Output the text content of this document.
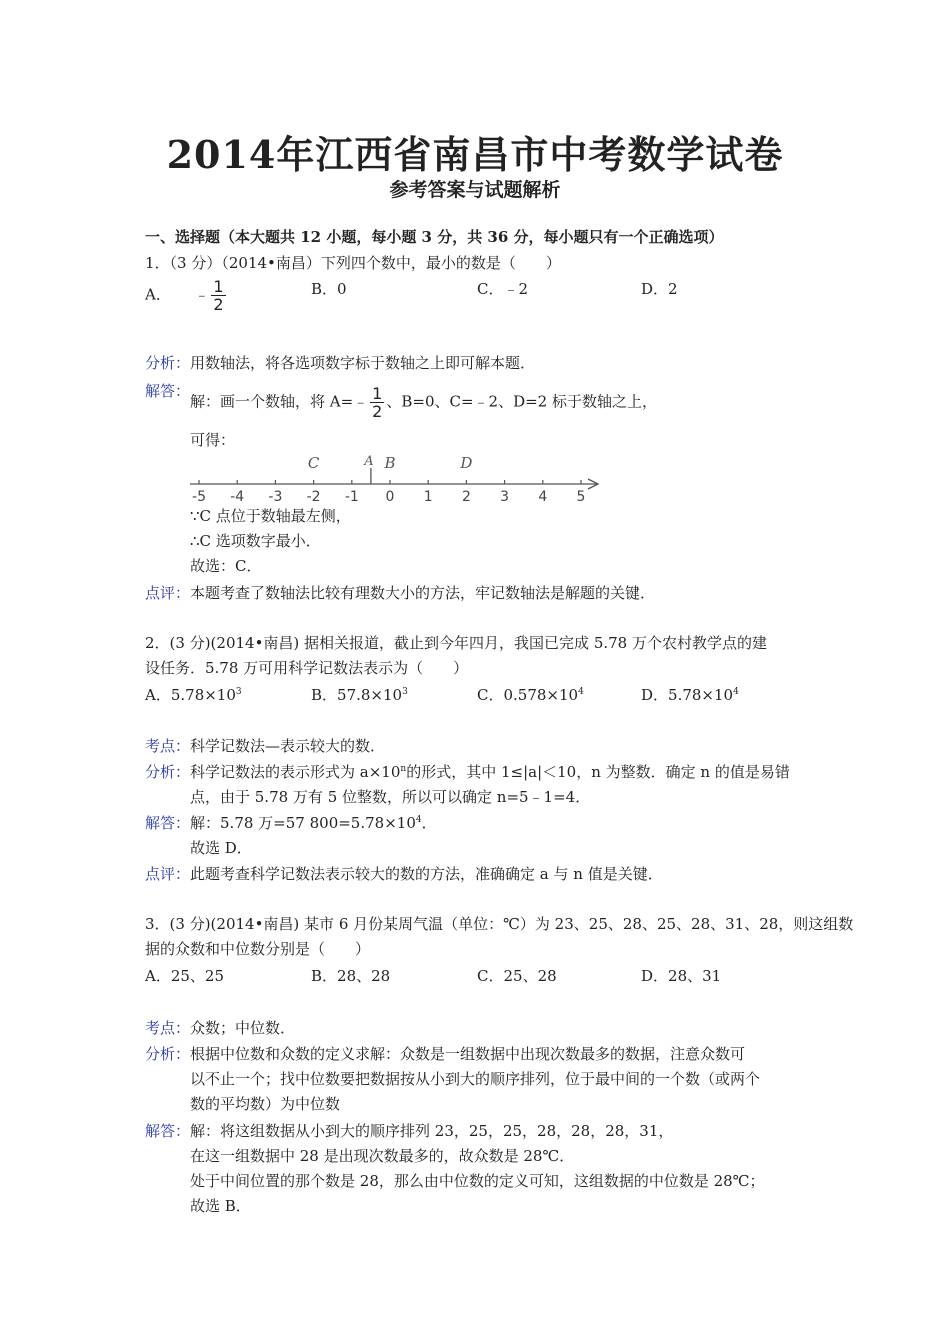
2014年江西省南昌市中考数学试卷
参考答案与试题解析
一、选择题（本大题共 12 小题，每小题 3 分，共 36 分，每小题只有一个正确选项）
1．（3 分）（2014•南昌）下列四个数中，最小的数是（　　）
A． ﹣ $\frac{1}{2}$	B．0	C．﹣2	D．2
分析：用数轴法，将各选项数字标于数轴之上即可解本题．
解答：
解：画一个数轴，将 A=﹣ $\frac{1}{2}$ 、B=0、C=﹣2、D=2 标于数轴之上，
可得：
-5 -4 -3 -2 -1 0 1 2 3 4 5
C	A B	D
∵C 点位于数轴最左侧，
∴C 选项数字最小．
故选：C．
点评：本题考查了数轴法比较有理数大小的方法，牢记数轴法是解题的关键．
2．(3 分)(2014•南昌) 据相关报道，截止到今年四月，我国已完成 5.78 万个农村教学点的建
设任务．5.78 万可用科学记数法表示为（　　）
A．$5.78\times 10^3$	B．$57.8\times 10^3$	C．$0.578\times 10^4$	D．$5.78\times 10^4$
考点：科学记数法—表示较大的数．
分析：科学记数法的表示形式为 $a\times 10^n$的形式，其中 1≤|a|＜10，n 为整数．确定 n 的值是易错
点，由于 5.78 万有 5 位整数，所以可以确定 n=5﹣1=4．
解答：解：5.78 万=57 $800=5.78\times 10^4$．
故选 D．
点评：此题考查科学记数法表示较大的数的方法，准确确定 a 与 n 值是关键．
3．(3 分)(2014•南昌) 某市 6 月份某周气温（单位：℃）为 23、25、28、25、28、31、28，则这组数
据的众数和中位数分别是（　　）
A．25、25	B．28、28	C．25、28	D．28、31
考点：众数；中位数．
分析：根据中位数和众数的定义求解：众数是一组数据中出现次数最多的数据，注意众数可
以不止一个；找中位数要把数据按从小到大的顺序排列，位于最中间的一个数（或两个
数的平均数）为中位数
解答：解：将这组数据从小到大的顺序排列 23，25，25，28，28，28，31，
在这一组数据中 28 是出现次数最多的，故众数是 28℃．
处于中间位置的那个数是 28，那么由中位数的定义可知，这组数据的中位数是 28℃；
故选 B．
